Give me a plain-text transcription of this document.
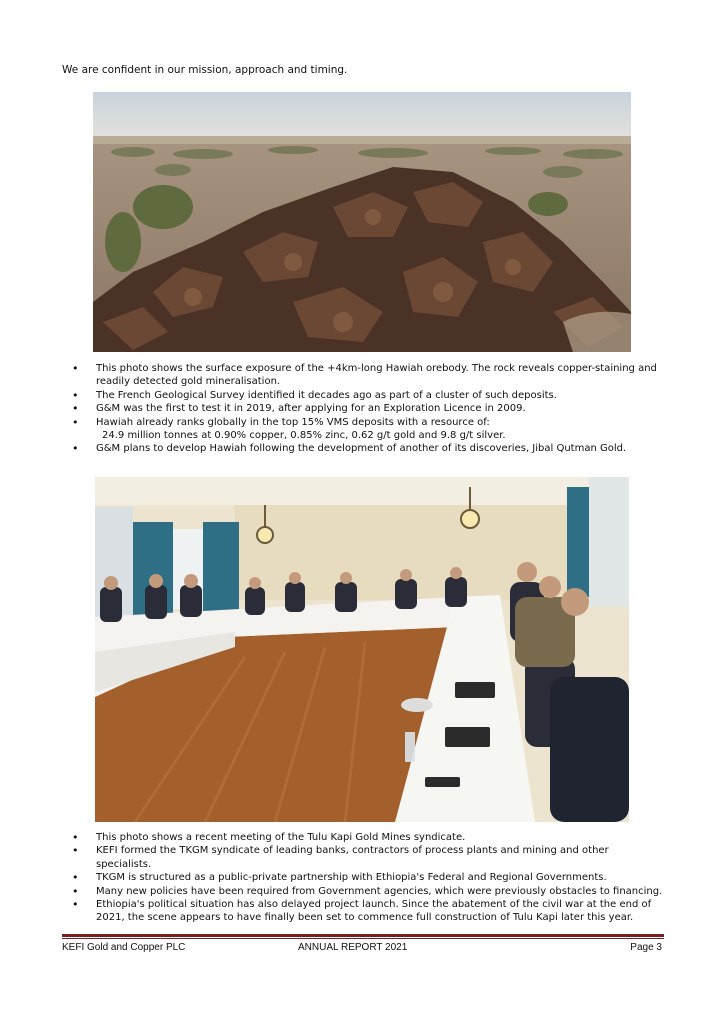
We are confident in our mission, approach and timing.
• This photo shows the surface exposure of the +4km-long Hawiah orebody. The rock reveals copper-staining and readily detected gold mineralisation.
• The French Geological Survey identified it decades ago as part of a cluster of such deposits.
• G&M was the first to test it in 2019, after applying for an Exploration Licence in 2009.
• Hawiah already ranks globally in the top 15% VMS deposits with a resource of:
24.9 million tonnes at 0.90% copper, 0.85% zinc, 0.62 g/t gold and 9.8 g/t silver.
• G&M plans to develop Hawiah following the development of another of its discoveries, Jibal Qutman Gold.
• This photo shows a recent meeting of the Tulu Kapi Gold Mines syndicate.
• KEFI formed the TKGM syndicate of leading banks, contractors of process plants and mining and other specialists.
• TKGM is structured as a public-private partnership with Ethiopia's Federal and Regional Governments.
• Many new policies have been required from Government agencies, which were previously obstacles to financing.
• Ethiopia's political situation has also delayed project launch. Since the abatement of the civil war at the end of 2021, the scene appears to have finally been set to commence full construction of Tulu Kapi later this year.
KEFI Gold and Copper PLC	ANNUAL REPORT 2021	Page 3
